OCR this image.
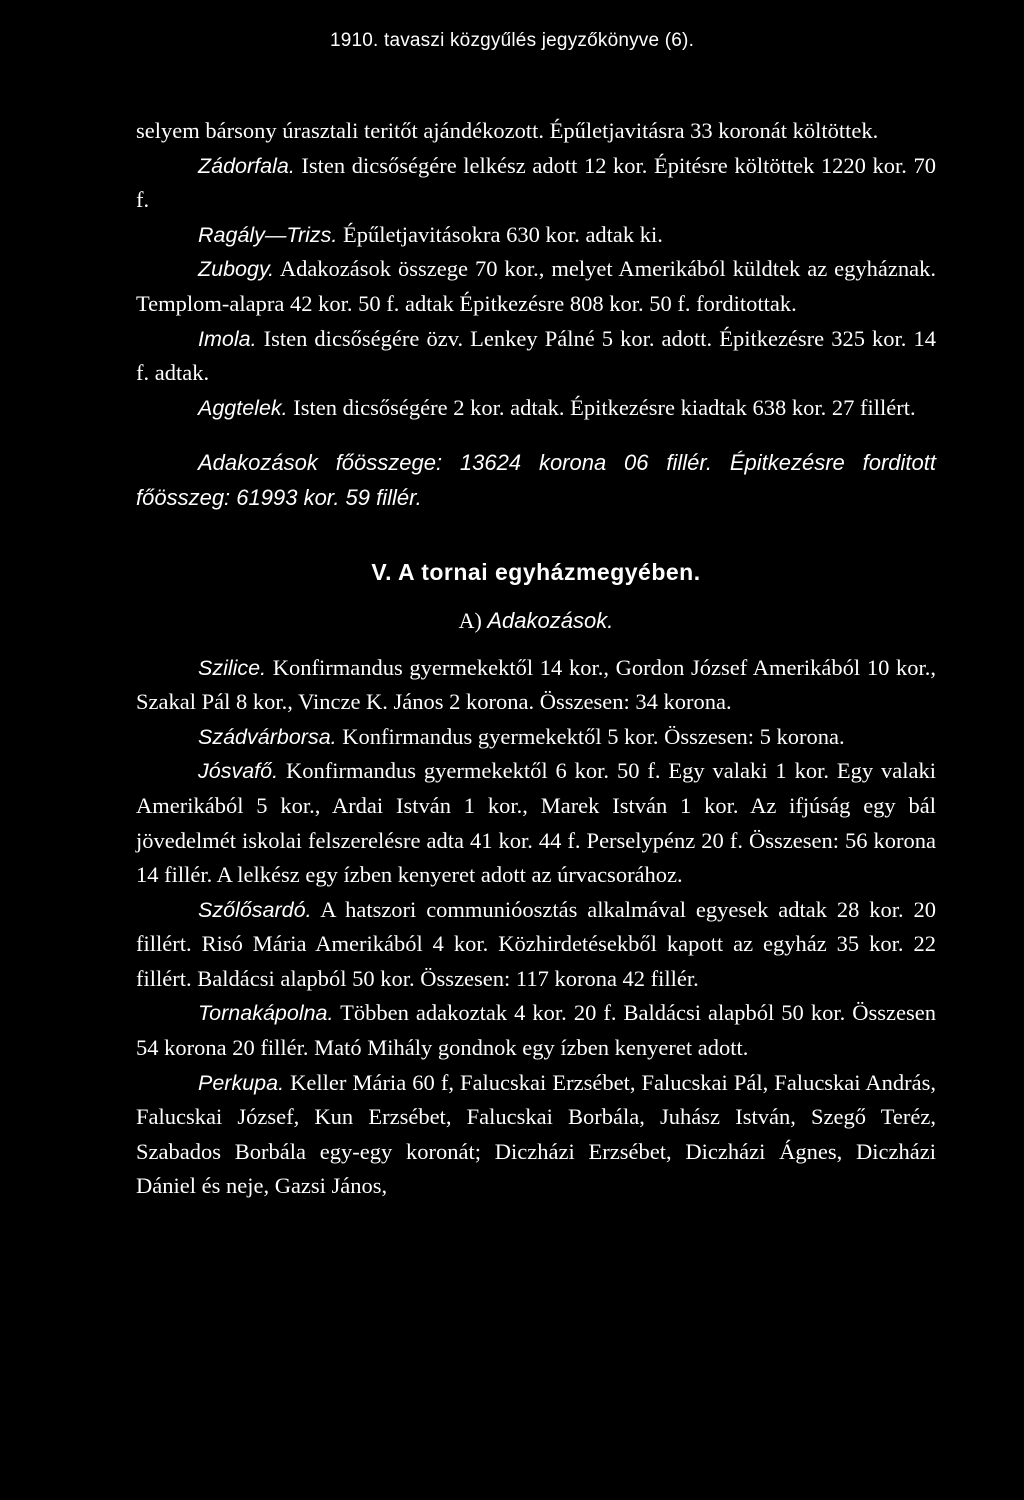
1910. tavaszi közgyűlés jegyzőkönyve (6).

selyem bársony úrasztali teritőt ajándékozott. Épűletjavitásra 33 koronát költöttek.

Zádorfala. Isten dicsőségére lelkész adott 12 kor. Épitésre költöttek 1220 kor. 70 f.

Ragály—Trizs. Épűletjavitásokra 630 kor. adtak ki.

Zubogy. Adakozások összege 70 kor., melyet Amerikából küldtek az egyháznak. Templom-alapra 42 kor. 50 f. adtak Épitkezésre 808 kor. 50 f. forditottak.

Imola. Isten dicsőségére özv. Lenkey Pálné 5 kor. adott. Épitkezésre 325 kor. 14 f. adtak.

Aggtelek. Isten dicsőségére 2 kor. adtak. Épitkezésre kiadtak 638 kor. 27 fillért.

Adakozások főösszege: 13624 korona 06 fillér. Épitkezésre forditott főösszeg: 61993 kor. 59 fillér.

V. A tornai egyházmegyében.

A) Adakozások.

Szilice. Konfirmandus gyermekektől 14 kor., Gordon József Amerikából 10 kor., Szakal Pál 8 kor., Vincze K. János 2 korona. Összesen: 34 korona.

Szádvárborsa. Konfirmandus gyermekektől 5 kor. Összesen: 5 korona.

Jósvafő. Konfirmandus gyermekektől 6 kor. 50 f. Egy valaki 1 kor. Egy valaki Amerikából 5 kor., Ardai István 1 kor., Marek István 1 kor. Az ifjúság egy bál jövedelmét iskolai felszerelésre adta 41 kor. 44 f. Perselypénz 20 f. Összesen: 56 korona 14 fillér. A lelkész egy ízben kenyeret adott az úrvacsorához.

Szőlősardó. A hatszori communióosztás alkalmával egyesek adtak 28 kor. 20 fillért. Risó Mária Amerikából 4 kor. Közhirdetésekből kapott az egyház 35 kor. 22 fillért. Baldácsi alapból 50 kor. Összesen: 117 korona 42 fillér.

Tornakápolna. Többen adakoztak 4 kor. 20 f. Baldácsi alapból 50 kor. Összesen 54 korona 20 fillér. Mató Mihály gondnok egy ízben kenyeret adott.

Perkupa. Keller Mária 60 f, Falucskai Erzsébet, Falucskai Pál, Falucskai András, Falucskai József, Kun Erzsébet, Falucskai Borbála, Juhász István, Szegő Teréz, Szabados Borbála egy-egy koronát; Diczházi Erzsébet, Diczházi Ágnes, Diczházi Dániel és neje, Gazsi János,
